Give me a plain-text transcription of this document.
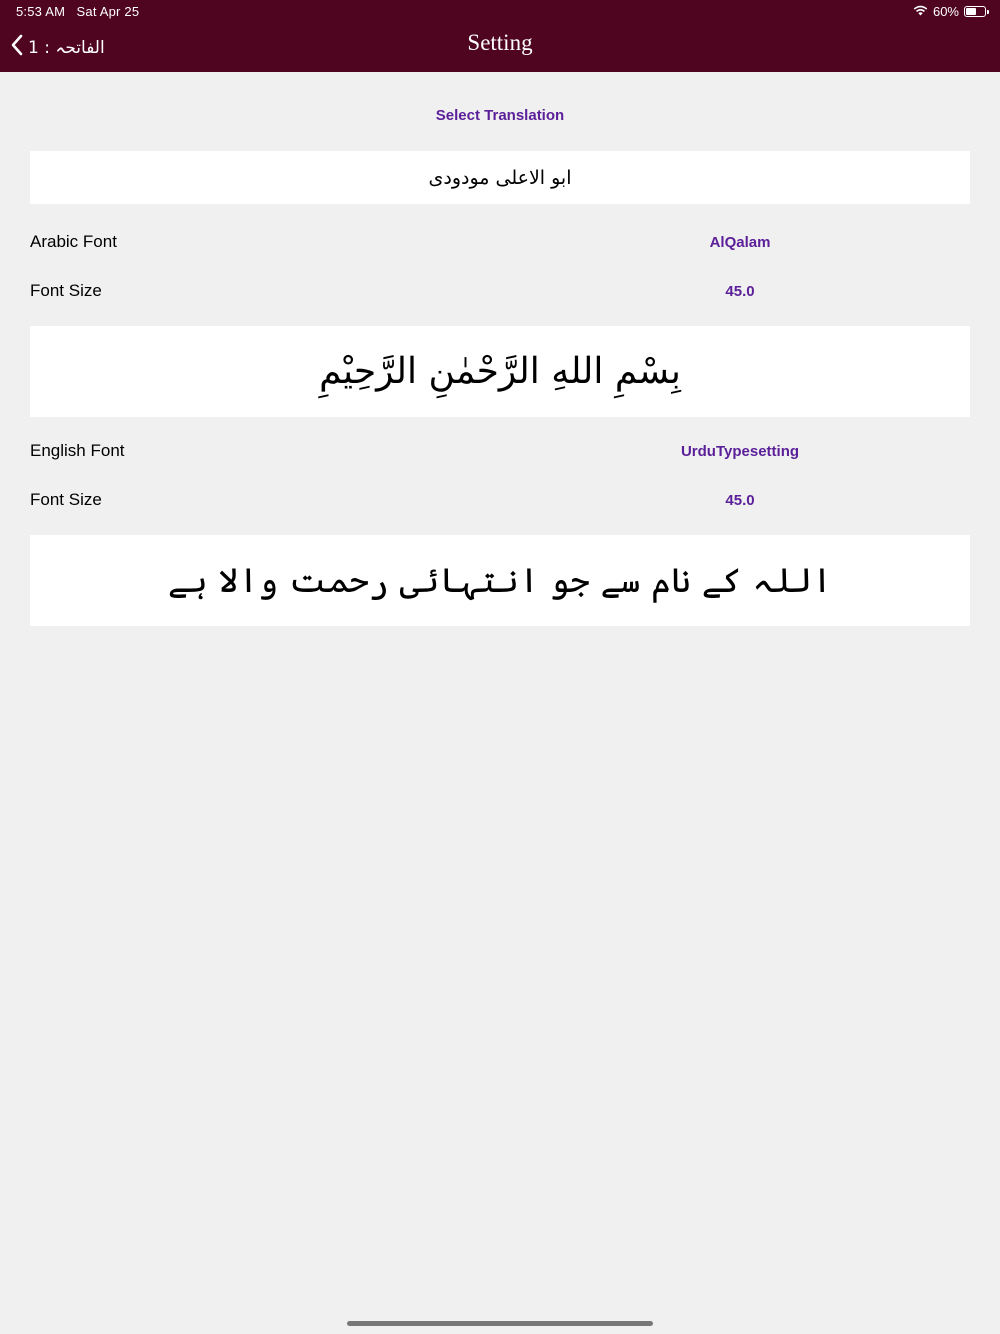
5:53 AM Sat Apr 25	60%
الفاتحہ : 1	Setting
Select Translation
ابو الاعلی مودودی
Arabic Font	AlQalam
Font Size	45.0
بِسْمِ اللهِ الرَّحْمٰنِ الرَّحِيْمِ
English Font	UrduTypesetting
Font Size	45.0
اللہ کے نام سے جو انتہائی رحمت والا ہے
